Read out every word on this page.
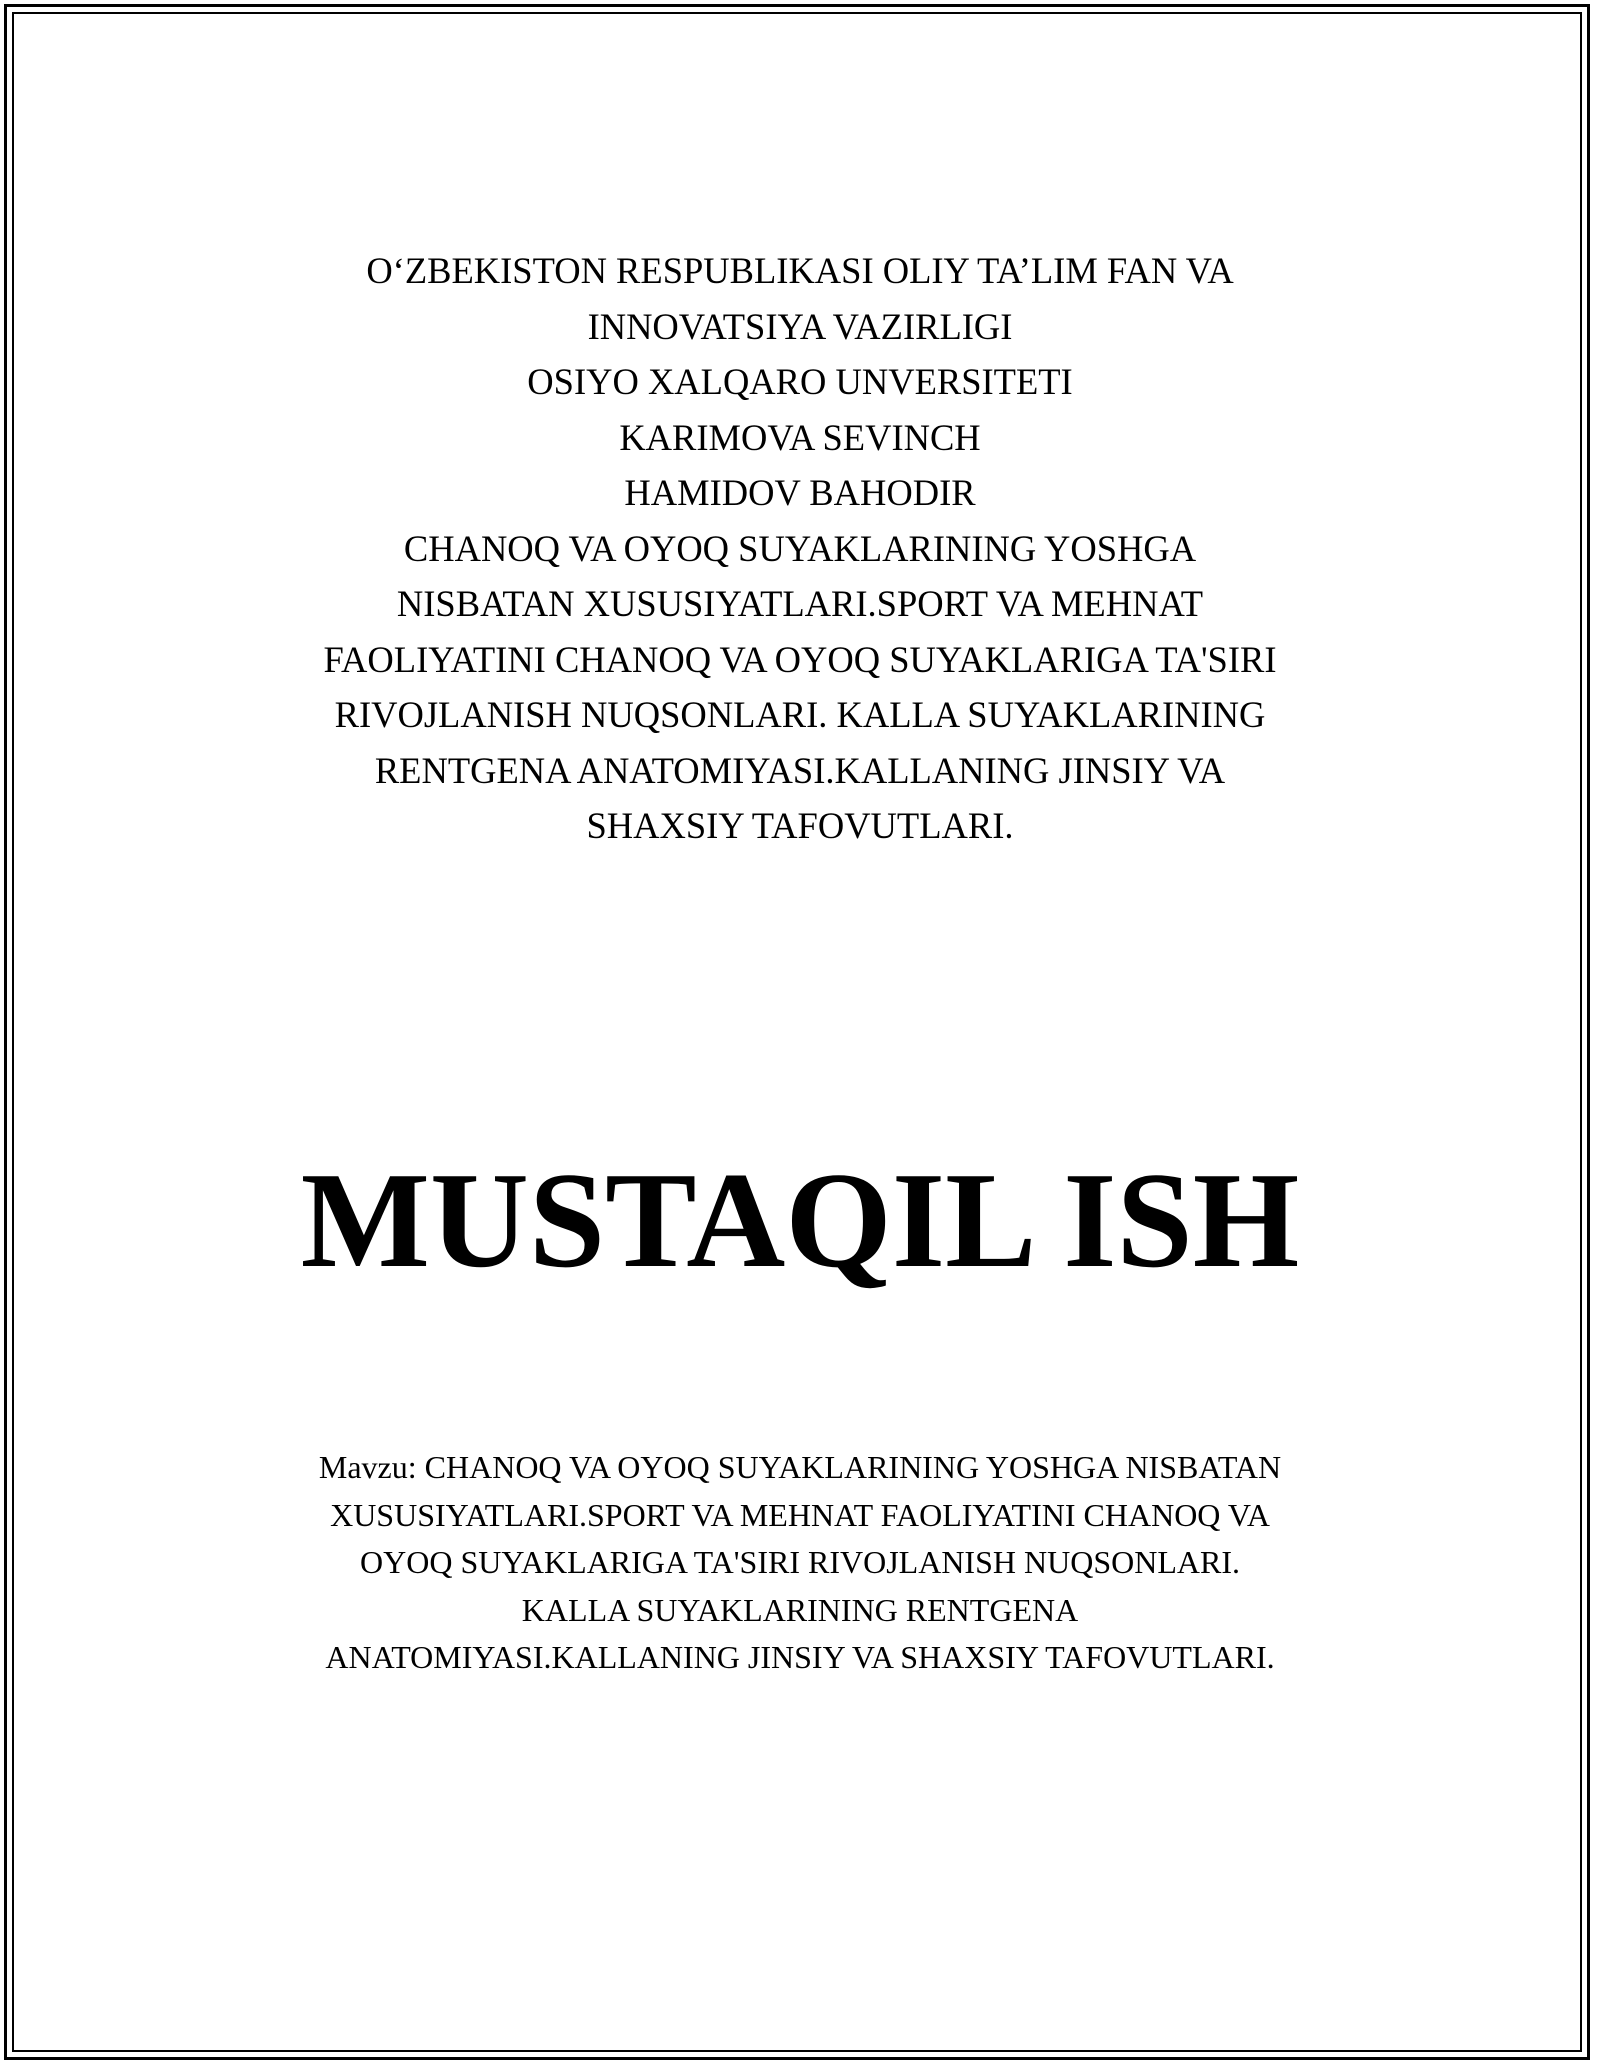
O‘ZBEKISTON RESPUBLIKASI OLIY TA’LIM FAN VA
INNOVATSIYA VAZIRLIGI
OSIYO XALQARO UNVERSITETI
KARIMOVA SEVINCH
HAMIDOV BAHODIR
CHANOQ VA OYOQ SUYAKLARINING YOSHGA
NISBATAN XUSUSIYATLARI.SPORT VA MEHNAT
FAOLIYATINI CHANOQ VA OYOQ SUYAKLARIGA TA'SIRI
RIVOJLANISH NUQSONLARI. KALLA SUYAKLARINING
RENTGENA ANATOMIYASI.KALLANING JINSIY VA
SHAXSIY TAFOVUTLARI.
MUSTAQIL ISH
Mavzu: CHANOQ VA OYOQ SUYAKLARINING YOSHGA NISBATAN
XUSUSIYATLARI.SPORT VA MEHNAT FAOLIYATINI CHANOQ VA
OYOQ SUYAKLARIGA TA'SIRI RIVOJLANISH NUQSONLARI.
KALLA SUYAKLARINING RENTGENA
ANATOMIYASI.KALLANING JINSIY VA SHAXSIY TAFOVUTLARI.
